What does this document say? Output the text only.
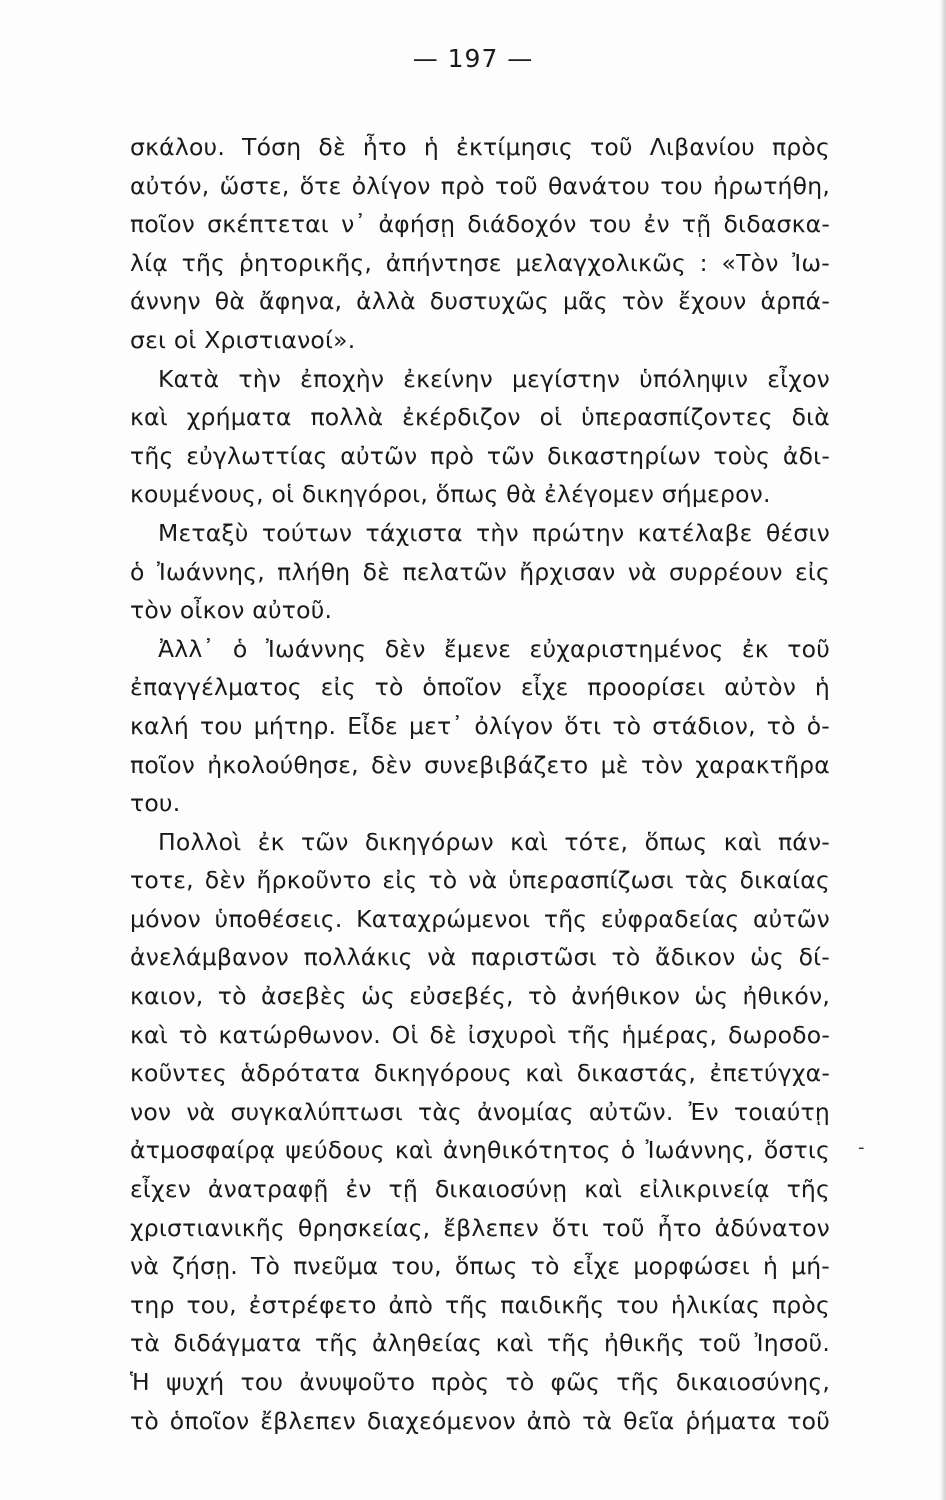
— 197 —
σκάλου. Τόση δὲ ἦτο ἡ ἐκτίμησις τοῦ Λιβανίου πρὸς
αὐτόν, ὥστε, ὅτε ὀλίγον πρὸ τοῦ θανάτου του ἠρωτήθη,
ποῖον σκέπτεται ν᾽ ἀφήσῃ διάδοχόν του ἐν τῇ διδασκα-
λίᾳ τῆς ῥητορικῆς, ἀπήντησε μελαγχολικῶς : «Τὸν Ἰω-
άννην θὰ ἄφηνα, ἀλλὰ δυστυχῶς μᾶς τὸν ἔχουν ἁρπά-
σει οἱ Χριστιανοί».
Κατὰ τὴν ἐποχὴν ἐκείνην μεγίστην ὑπόληψιν εἶχον
καὶ χρήματα πολλὰ ἐκέρδιζον οἱ ὑπερασπίζοντες διὰ
τῆς εὐγλωττίας αὐτῶν πρὸ τῶν δικαστηρίων τοὺς ἀδι-
κουμένους, οἱ δικηγόροι, ὅπως θὰ ἐλέγομεν σήμερον.
Μεταξὺ τούτων τάχιστα τὴν πρώτην κατέλαβε θέσιν
ὁ Ἰωάννης, πλήθη δὲ πελατῶν ἤρχισαν νὰ συρρέουν εἰς
τὸν οἶκον αὐτοῦ.
Ἀλλ᾽ ὁ Ἰωάννης δὲν ἔμενε εὐχαριστημένος ἐκ τοῦ
ἐπαγγέλματος εἰς τὸ ὁποῖον εἶχε προορίσει αὐτὸν ἡ
καλή του μήτηρ. Εἶδε μετ᾽ ὀλίγον ὅτι τὸ στάδιον, τὸ ὁ-
ποῖον ἠκολούθησε, δὲν συνεβιβάζετο μὲ τὸν χαρακτῆρα
του.
Πολλοὶ ἐκ τῶν δικηγόρων καὶ τότε, ὅπως καὶ πάν-
τοτε, δὲν ἤρκοῦντο εἰς τὸ νὰ ὑπερασπίζωσι τὰς δικαίας
μόνον ὑποθέσεις. Καταχρώμενοι τῆς εὐφραδείας αὐτῶν
ἀνελάμβανον πολλάκις νὰ παριστῶσι τὸ ἄδικον ὡς δί-
καιον, τὸ ἀσεβὲς ὡς εὐσεβές, τὸ ἀνήθικον ὡς ἠθικόν,
καὶ τὸ κατώρθωνον. Οἱ δὲ ἰσχυροὶ τῆς ἡμέρας, δωροδο-
κοῦντες ἁδρότατα δικηγόρους καὶ δικαστάς, ἐπετύγχα-
νον νὰ συγκαλύπτωσι τὰς ἀνομίας αὐτῶν. Ἐν τοιαύτῃ
ἀτμοσφαίρᾳ ψεύδους καὶ ἀνηθικότητος ὁ Ἰωάννης, ὅστις
εἶχεν ἀνατραφῇ ἐν τῇ δικαιοσύνῃ καὶ εἰλικρινείᾳ τῆς
χριστιανικῆς θρησκείας, ἔβλεπεν ὅτι τοῦ ἦτο ἀδύνατον
νὰ ζήσῃ. Τὸ πνεῦμα του, ὅπως τὸ εἶχε μορφώσει ἡ μή-
τηρ του, ἐστρέφετο ἀπὸ τῆς παιδικῆς του ἡλικίας πρὸς
τὰ διδάγματα τῆς ἀληθείας καὶ τῆς ἠθικῆς τοῦ Ἰησοῦ.
Ἡ ψυχή του ἀνυψοῦτο πρὸς τὸ φῶς τῆς δικαιοσύνης,
τὸ ὁποῖον ἔβλεπεν διαχεόμενον ἀπὸ τὰ θεῖα ῥήματα τοῦ
-
